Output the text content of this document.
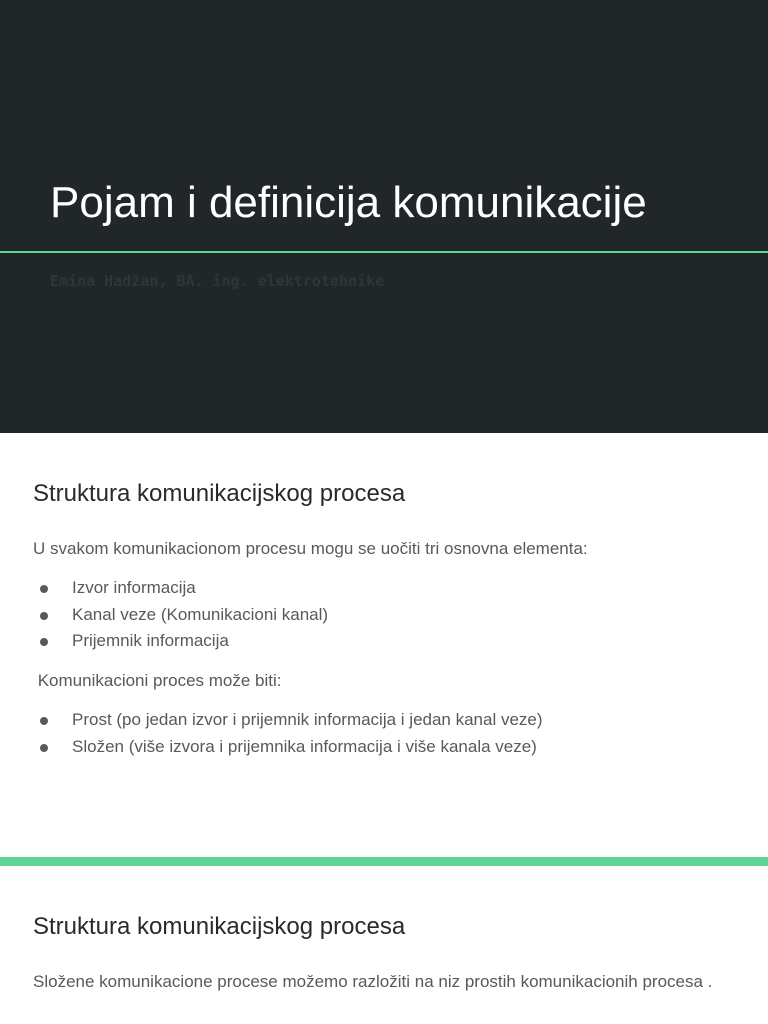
Pojam i definicija komunikacije
Emina Hadžan, BA. ing. elektrotehnike
Struktura komunikacijskog procesa

U svakom komunikacionom procesu mogu se uočiti tri osnovna elementa:

Izvor informacija
Kanal veze (Komunikacioni kanal)
Prijemnik informacija

Komunikacioni proces može biti:

Prost (po jedan izvor i prijemnik informacija i jedan kanal veze)
Složen (više izvora i prijemnika informacija i više kanala veze)
Struktura komunikacijskog procesa

Složene komunikacione procese možemo razložiti na niz prostih komunikacionih procesa .
